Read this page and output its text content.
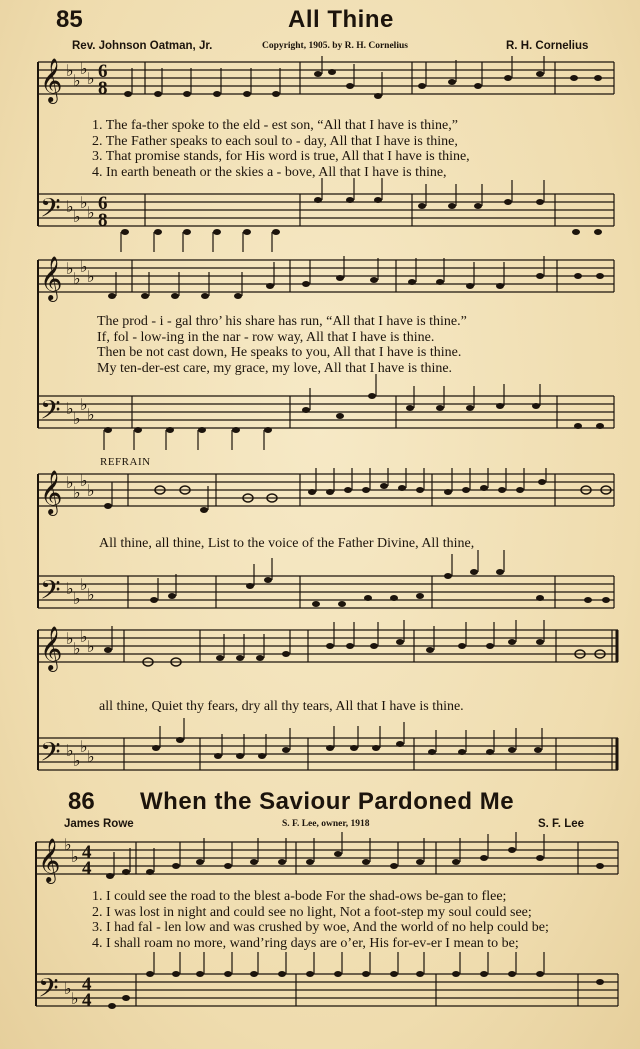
85	All Thine
Rev. Johnson Oatman, Jr.	Copyright, 1905. by R. H. Cornelius	R. H. Cornelius
𝄞
𝄢
♭
♭
♭
♭
♭
♭
♭
♭
6
8
6
8
1. The fa-ther spoke to the eld - est son, “All that I have is thine,”
2. The Father speaks to each soul to - day, All that I have is thine,
3. That promise stands, for His word is true, All that I have is thine,
4. In earth beneath or the skies a - bove, All that I have is thine,
𝄞
𝄢
♭
♭
♭
♭
♭
♭
♭
♭
The prod - i - gal thro’ his share has run, “All that I have is thine.”
If, fol - low-ing in the nar - row way, All that I have is thine.
Then be not cast down, He speaks to you, All that I have is thine.
My ten-der-est care, my grace, my love, All that I have is thine.
REFRAIN
𝄞
𝄢
♭
♭
♭
♭
♭
♭
♭
♭
All thine, all thine, List to the voice of the Father Divine, All thine,
𝄞
𝄢
♭
♭
♭
♭
♭
♭
♭
♭
all thine, Quiet thy fears, dry all thy tears, All that I have is thine.
86 When the Saviour Pardoned Me
James Rowe	S. F. Lee, owner, 1918	S. F. Lee
𝄞
𝄢
♭
♭
♭
♭
4
4
4
4
1. I could see the road to the blest a-bode For the shad-ows be-gan to flee;
2. I was lost in night and could see no light, Not a foot-step my soul could see;
3. I had fal - len low and was crushed by woe, And the world of no help could be;
4. I shall roam no more, wand’ring days are o’er, His for-ev-er I mean to be;
